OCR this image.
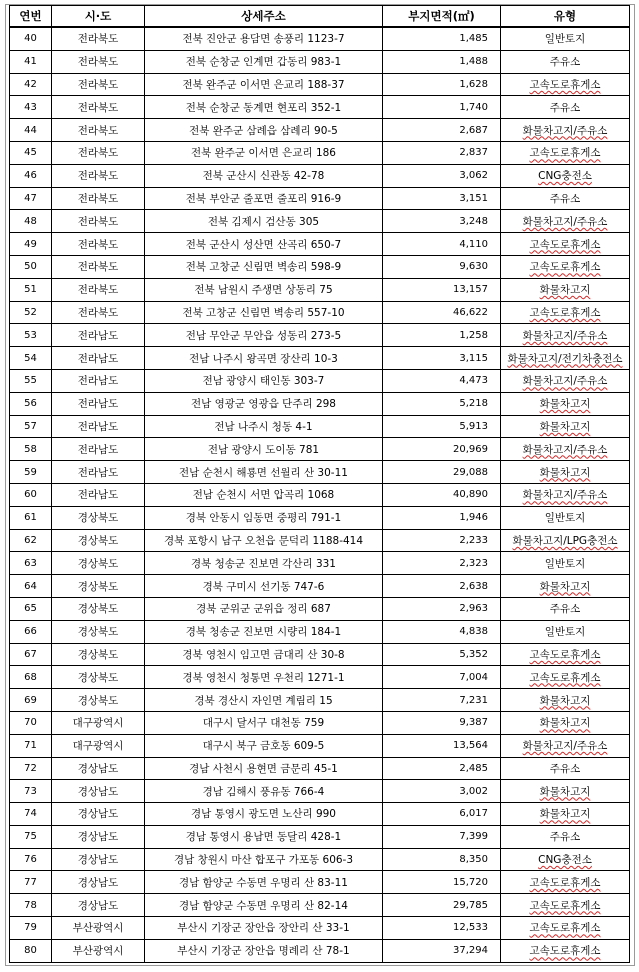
연번	시·도	상세주소	부지면적(㎡)	유형
40	전라북도	전북 진안군 용담면 송풍리 1123-7	1,485	일반토지
41	전라북도	전북 순창군 인계면 갑동리 983-1	1,488	주유소
42	전라북도	전북 완주군 이서면 은교리 188-37	1,628	고속도로휴게소
43	전라북도	전북 순창군 동계면 현포리 352-1	1,740	주유소
44	전라북도	전북 완주군 삼례읍 삼례리 90-5	2,687	화물차고지/주유소
45	전라북도	전북 완주군 이서면 은교리 186	2,837	고속도로휴게소
46	전라북도	전북 군산시 신관동 42-78	3,062	CNG충전소
47	전라북도	전북 부안군 줄포면 줄포리 916-9	3,151	주유소
48	전라북도	전북 김제시 검산동 305	3,248	화물차고지/주유소
49	전라북도	전북 군산시 성산면 산곡리 650-7	4,110	고속도로휴게소
50	전라북도	전북 고창군 신림면 벽송리 598-9	9,630	고속도로휴게소
51	전라북도	전북 남원시 주생면 상동리 75	13,157	화물차고지
52	전라북도	전북 고창군 신림면 벽송리 557-10	46,622	고속도로휴게소
53	전라남도	전남 무안군 무안읍 성동리 273-5	1,258	화물차고지/주유소
54	전라남도	전남 나주시 왕곡면 장산리 10-3	3,115	화물차고지/전기차충전소
55	전라남도	전남 광양시 태인동 303-7	4,473	화물차고지/주유소
56	전라남도	전남 영광군 영광읍 단주리 298	5,218	화물차고지
57	전라남도	전남 나주시 청동 4-1	5,913	화물차고지
58	전라남도	전남 광양시 도이동 781	20,969	화물차고지/주유소
59	전라남도	전남 순천시 해룡면 선월리 산 30-11	29,088	화물차고지
60	전라남도	전남 순천시 서면 압곡리 1068	40,890	화물차고지/주유소
61	경상북도	경북 안동시 임동면 중평리 791-1	1,946	일반토지
62	경상북도	경북 포항시 남구 오천읍 문덕리 1188-414	2,233	화물차고지/LPG충전소
63	경상북도	경북 청송군 진보면 각산리 331	2,323	일반토지
64	경상북도	경북 구미시 선기동 747-6	2,638	화물차고지
65	경상북도	경북 군위군 군위읍 정리 687	2,963	주유소
66	경상북도	경북 청송군 진보면 시량리 184-1	4,838	일반토지
67	경상북도	경북 영천시 임고면 금대리 산 30-8	5,352	고속도로휴게소
68	경상북도	경북 영천시 청통면 우천리 1271-1	7,004	고속도로휴게소
69	경상북도	경북 경산시 자인면 계림리 15	7,231	화물차고지
70	대구광역시	대구시 달서구 대천동 759	9,387	화물차고지
71	대구광역시	대구시 북구 금호동 609-5	13,564	화물차고지/주유소
72	경상남도	경남 사천시 용현면 금문리 45-1	2,485	주유소
73	경상남도	경남 김해시 풍유동 766-4	3,002	화물차고지
74	경상남도	경남 통영시 광도면 노산리 990	6,017	화물차고지
75	경상남도	경남 통영시 용남면 동달리 428-1	7,399	주유소
76	경상남도	경남 창원시 마산 합포구 가포동 606-3	8,350	CNG충전소
77	경상남도	경남 함양군 수동면 우명리 산 83-11	15,720	고속도로휴게소
78	경상남도	경남 함양군 수동면 우명리 산 82-14	29,785	고속도로휴게소
79	부산광역시	부산시 기장군 장안읍 장안리 산 33-1	12,533	고속도로휴게소
80	부산광역시	부산시 기장군 장안읍 명례리 산 78-1	37,294	고속도로휴게소
